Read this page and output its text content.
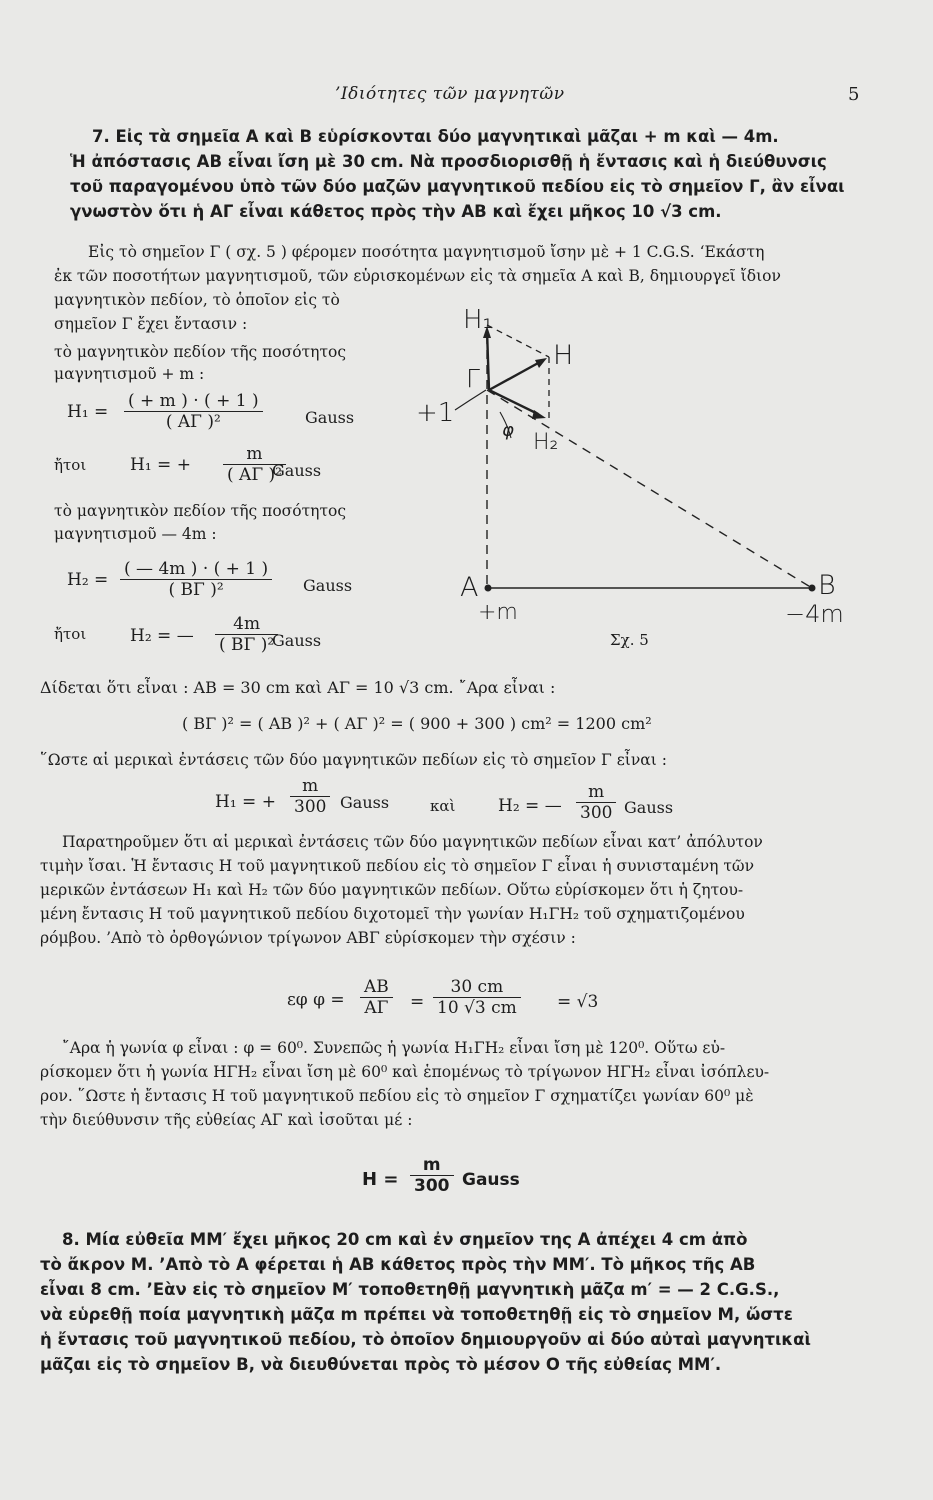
’Ιδιότητες τῶν μαγνητῶν	5
7. Εἰς τὰ σημεῖα Α καὶ Β εὑρίσκονται δύο μαγνητικαὶ μᾶζαι + m καὶ — 4m.
Ἡ ἀπόστασις ΑΒ εἶναι ἴση μὲ 30 cm. Νὰ προσδιορισθῇ ἡ ἔντασις καὶ ἡ διεύθυνσις
τοῦ παραγομένου ὑπὸ τῶν δύο μαζῶν μαγνητικοῦ πεδίου εἰς τὸ σημεῖον Γ, ἂν εἶναι
γνωστὸν ὅτι ἡ ΑΓ εἶναι κάθετος πρὸς τὴν ΑΒ καὶ ἔχει μῆκος 10 √3 cm.
Εἰς τὸ σημεῖον Γ ( σχ. 5 ) φέρομεν ποσότητα μαγνητισμοῦ ἴσην μὲ + 1 C.G.S. ‘Εκάστη
ἐκ τῶν ποσοτήτων μαγνητισμοῦ, τῶν εὑρισκομένων εἰς τὰ σημεῖα Α καὶ Β, δημιουργεῖ ἴδιον
μαγνητικὸν πεδίον, τὸ ὁποῖον εἰς τὸ
σημεῖον Γ ἔχει ἔντασιν :
τὸ μαγνητικὸν πεδίον τῆς ποσότητος
μαγνητισμοῦ + m :
$H_1 = \frac{( + m ) \cdot ( + 1 )}{\text{( ΑΓ )²}}$	Gauss
ἤτοι	H₁ = + $\frac{m}{\text{( ΑΓ )²}}$
Gauss
τὸ μαγνητικὸν πεδίον τῆς ποσότητος
μαγνητισμοῦ — 4m :
$H_2 = \frac{( — 4m ) \cdot ( + 1 )}{\text{( ΒΓ )²}}$ Gauss
ἤτοι	H₂ = — $\frac{4m}{\text{( ΒΓ )²}}$
Gauss
H₁
H
Γ
+1
φ H₂
A	B
+m	−4m
Σχ. 5
Δίδεται ὅτι εἶναι : ΑΒ = 30 cm καὶ ΑΓ = 10 √3 cm. ῎Αρα εἶναι :
( ΒΓ )² = ( ΑΒ )² + ( ΑΓ )² = ( 900 + 300 ) cm² = 1200 cm²
῞Ωστε αἱ μερικαὶ ἐντάσεις τῶν δύο μαγνητικῶν πεδίων εἰς τὸ σημεῖον Γ εἶναι :
H₁ = + $\frac{m}{300}$ Gauss	καὶ	H₂ = — $\frac{m}{300}$ Gauss
Παρατηροῦμεν ὅτι αἱ μερικαὶ ἐντάσεις τῶν δύο μαγνητικῶν πεδίων εἶναι κατ’ ἀπόλυτον
τιμὴν ἴσαι. Ἡ ἔντασις Η τοῦ μαγνητικοῦ πεδίου εἰς τὸ σημεῖον Γ εἶναι ἡ συνισταμένη τῶν
μερικῶν ἐντάσεων H₁ καὶ H₂ τῶν δύο μαγνητικῶν πεδίων. Οὕτω εὑρίσκομεν ὅτι ἡ ζητου-
μένη ἔντασις Η τοῦ μαγνητικοῦ πεδίου διχοτομεῖ τὴν γωνίαν H₁ΓH₂ τοῦ σχηματιζομένου
ρόμβου. ’Απὸ τὸ ὀρθογώνιον τρίγωνον ΑΒΓ εὑρίσκομεν τὴν σχέσιν :
εφ $\varphi = \frac{AB}{A\Gamma} = \frac{30 cm}{10 √3 cm} = √3$
῎Αρα ἡ γωνία φ εἶναι : φ = 60⁰. Συνεπῶς ἡ γωνία H₁ΓH₂ εἶναι ἴση μὲ 120⁰. Οὕτω εὑ-
ρίσκομεν ὅτι ἡ γωνία ΗΓH₂ εἶναι ἴση μὲ 60⁰ καὶ ἑπομένως τὸ τρίγωνον ΗΓH₂ εἶναι ἰσόπλευ-
ρον. ῞Ωστε ἡ ἔντασις Η τοῦ μαγνητικοῦ πεδίου εἰς τὸ σημεῖον Γ σχηματίζει γωνίαν 60⁰ μὲ
τὴν διεύθυνσιν τῆς εὐθείας ΑΓ καὶ ἰσοῦται μέ :
$H = \frac{m}{300}$ Gauss
8. Μία εὐθεῖα ΜΜ′ ἔχει μῆκος 20 cm καὶ ἐν σημεῖον της Α ἀπέχει 4 cm ἀπὸ
τὸ ἄκρον Μ. ’Απὸ τὸ Α φέρεται ἡ ΑΒ κάθετος πρὸς τὴν ΜΜ′. Τὸ μῆκος τῆς ΑΒ
εἶναι 8 cm. ’Εὰν εἰς τὸ σημεῖον Μ′ τοποθετηθῇ μαγνητικὴ μᾶζα m′ = — 2 C.G.S.,
νὰ εὑρεθῇ ποία μαγνητικὴ μᾶζα m πρέπει νὰ τοποθετηθῇ εἰς τὸ σημεῖον Μ, ὥστε
ἡ ἔντασις τοῦ μαγνητικοῦ πεδίου, τὸ ὁποῖον δημιουργοῦν αἱ δύο αὐταὶ μαγνητικαὶ
μᾶζαι εἰς τὸ σημεῖον Β, νὰ διευθύνεται πρὸς τὸ μέσον Ο τῆς εὐθείας ΜΜ′.
